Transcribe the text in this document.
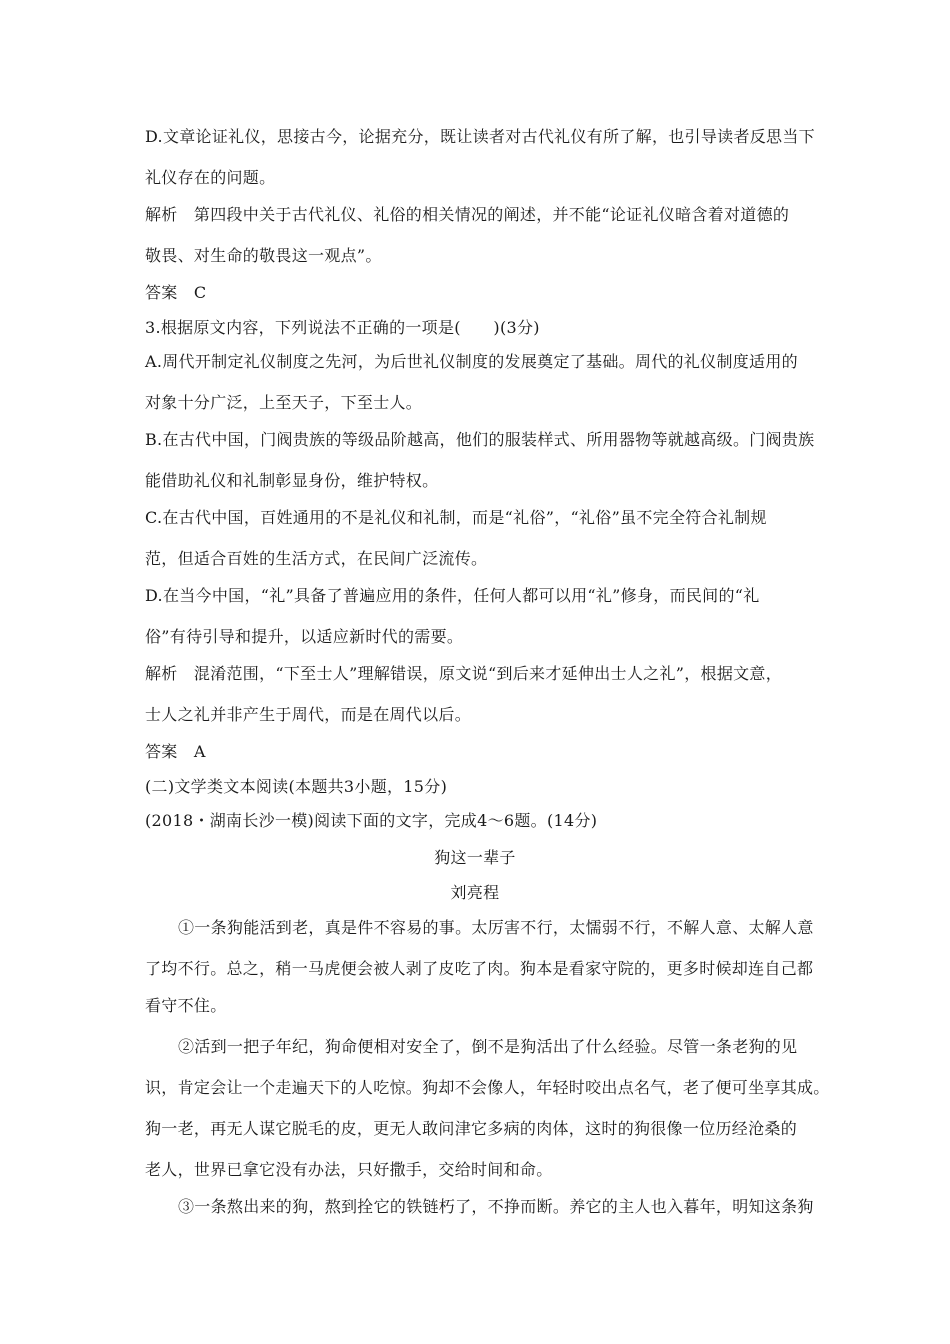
D.文章论证礼仪，思接古今，论据充分，既让读者对古代礼仪有所了解，也引导读者反思当下
礼仪存在的问题。
解析　第四段中关于古代礼仪、礼俗的相关情况的阐述，并不能“论证礼仪暗含着对道德的
敬畏、对生命的敬畏这一观点”。
答案　C
3.根据原文内容，下列说法不正确的一项是(　　)(3分)
A.周代开制定礼仪制度之先河，为后世礼仪制度的发展奠定了基础。周代的礼仪制度适用的
对象十分广泛，上至天子，下至士人。
B.在古代中国，门阀贵族的等级品阶越高，他们的服装样式、所用器物等就越高级。门阀贵族
能借助礼仪和礼制彰显身份，维护特权。
C.在古代中国，百姓通用的不是礼仪和礼制，而是“礼俗”，“礼俗”虽不完全符合礼制规
范，但适合百姓的生活方式，在民间广泛流传。
D.在当今中国，“礼”具备了普遍应用的条件，任何人都可以用“礼”修身，而民间的“礼
俗”有待引导和提升，以适应新时代的需要。
解析　混淆范围，“下至士人”理解错误，原文说“到后来才延伸出士人之礼”，根据文意，
士人之礼并非产生于周代，而是在周代以后。
答案　A
(二)文学类文本阅读(本题共3小题，15分)
(2018・湖南长沙一模)阅读下面的文字，完成4～6题。(14分)
狗这一辈子
刘亮程
①一条狗能活到老，真是件不容易的事。太厉害不行，太懦弱不行，不解人意、太解人意
了均不行。总之，稍一马虎便会被人剥了皮吃了肉。狗本是看家守院的，更多时候却连自己都
看守不住。
②活到一把子年纪，狗命便相对安全了，倒不是狗活出了什么经验。尽管一条老狗的见
识，肯定会让一个走遍天下的人吃惊。狗却不会像人，年轻时咬出点名气，老了便可坐享其成。
狗一老，再无人谋它脱毛的皮，更无人敢问津它多病的肉体，这时的狗很像一位历经沧桑的
老人，世界已拿它没有办法，只好撒手，交给时间和命。
③一条熬出来的狗，熬到拴它的铁链朽了，不挣而断。养它的主人也入暮年，明知这条狗
